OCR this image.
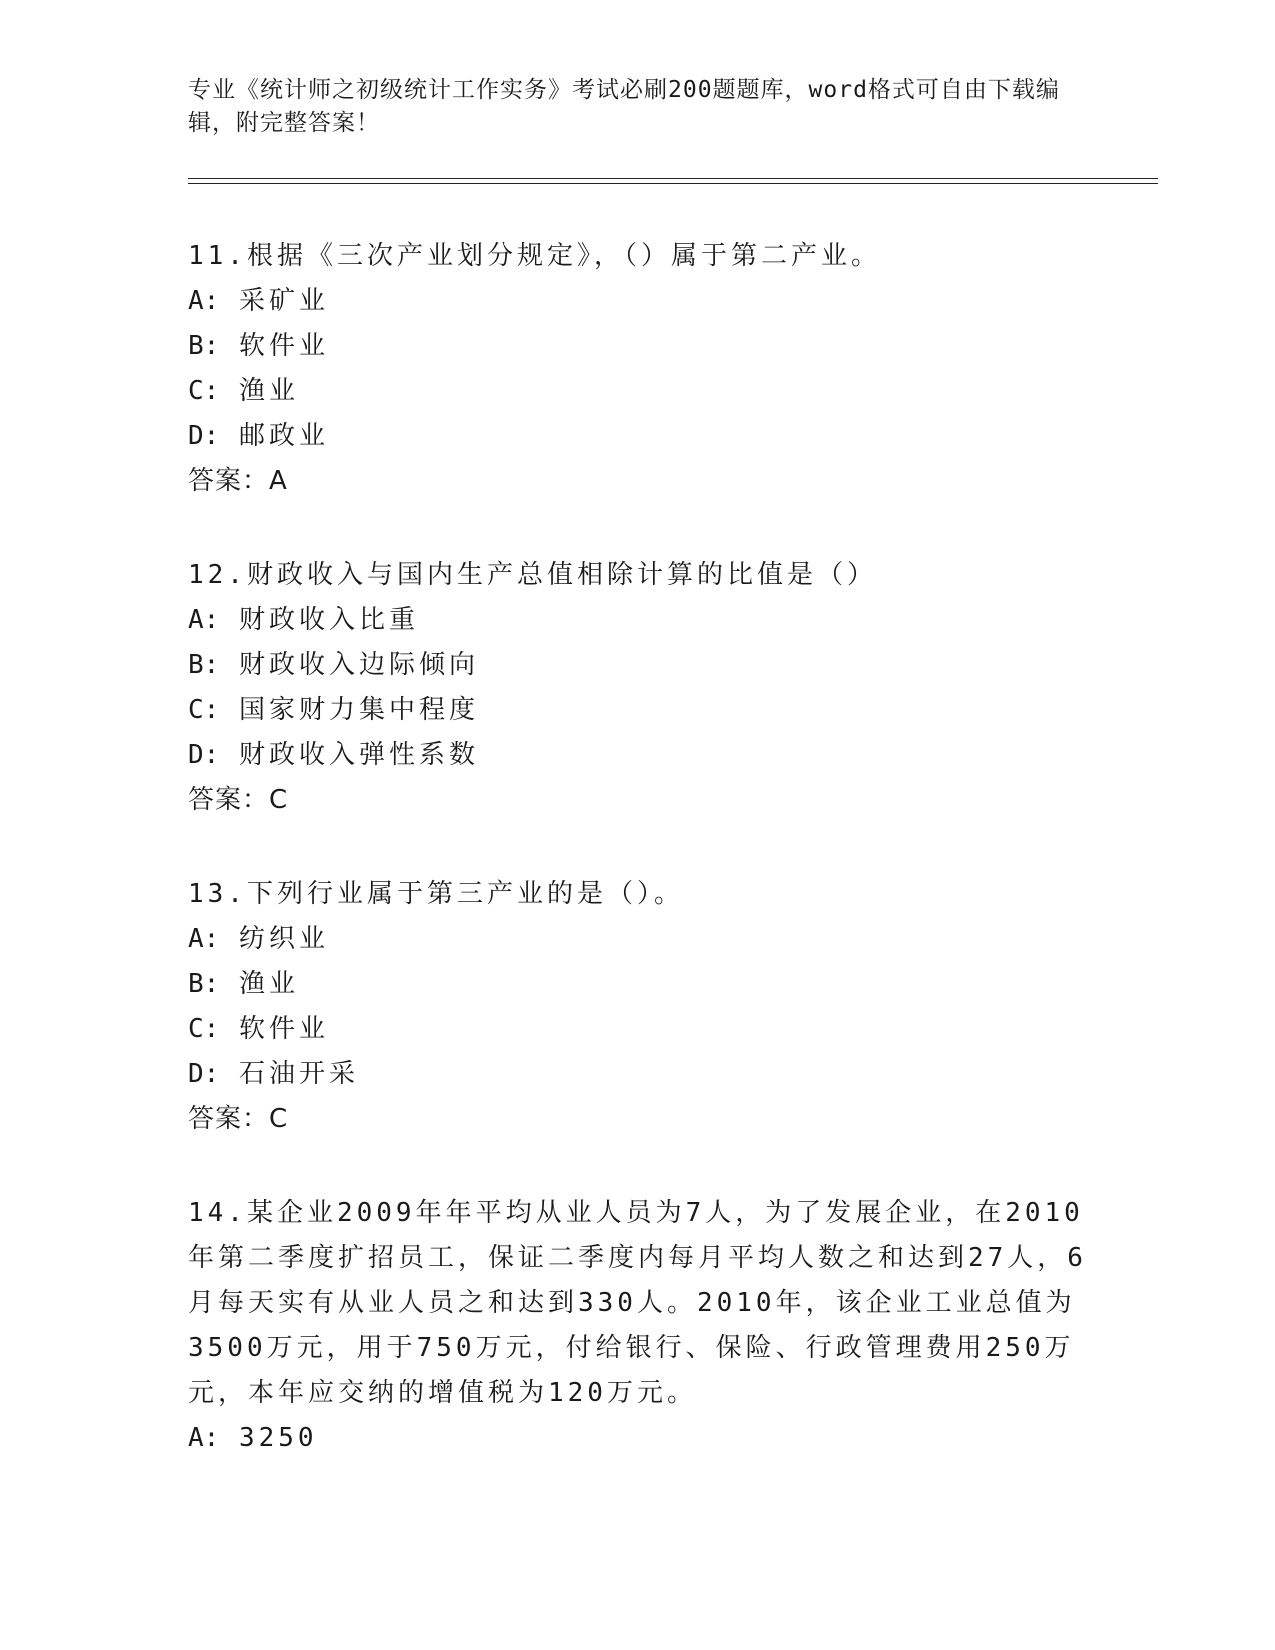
专业《统计师之初级统计工作实务》考试必刷200题题库，word格式可自由下载编辑，附完整答案！

11.根据《三次产业划分规定》，（）属于第二产业。

A: 采矿业

B: 软件业

C: 渔业

D: 邮政业

答案：A

12.财政收入与国内生产总值相除计算的比值是（）

A: 财政收入比重

B: 财政收入边际倾向

C: 国家财力集中程度

D: 财政收入弹性系数

答案：C

13.下列行业属于第三产业的是（）。

A: 纺织业

B: 渔业

C: 软件业

D: 石油开采

答案：C

14.某企业2009年年平均从业人员为7人，为了发展企业，在2010年第二季度扩招员工，保证二季度内每月平均人数之和达到27人，6月每天实有从业人员之和达到330人。2010年，该企业工业总值为3500万元，用于750万元，付给银行、保险、行政管理费用250万元，本年应交纳的增值税为120万元。

A: 3250
